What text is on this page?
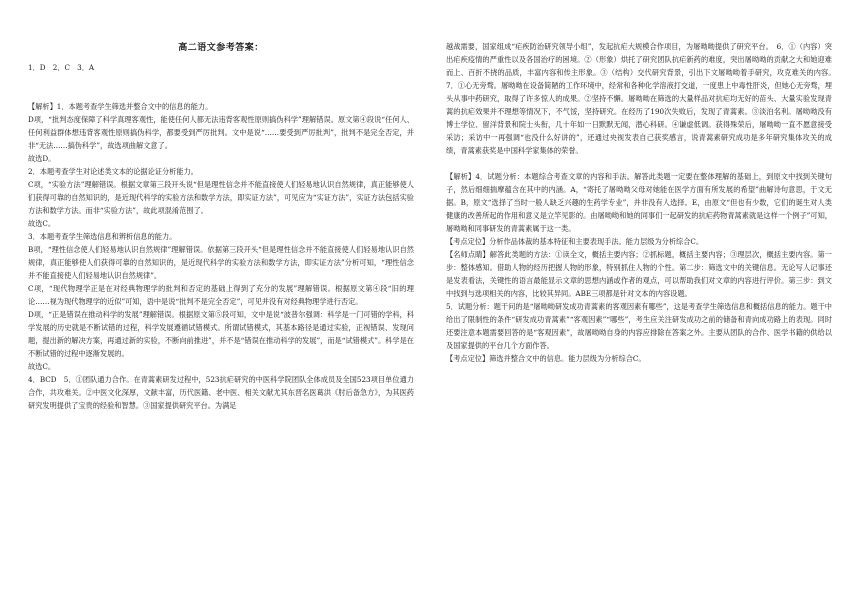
高二语文参考答案：

1．D　2．C　3．A

【解析】1．本题考查学生筛选并整合文中的信息的能力。

D项，“批判态度保障了科学真理客观性，能使任何人都无法违背客观性原则搞伪科学”理解错误。原文第④段说“任何人、任何利益群体想违背客观性原则搞伪科学，都要受到严厉批判。文中是说“……要受到严厉批判”，批判不是完全否定，并非“无法……搞伪科学”，故选项曲解文意了。

故选D。

2．本题考查学生对论述类文本的论据论证分析能力。

C项，“实验方法”理解错误。根据文章第三段开头说“但是理性信念并不能直接使人们轻易地认识自然规律，真正能够使人们获得可靠的自然知识的，是近现代科学的实验方法和数学方法，即实证方法”，可见应为“实证方法”，实证方法包括实验方法和数学方法。而非“实验方法”，故此项混淆范围了。

故选C。

3．本题考查学生筛选信息和辨析信息的能力。

B项，“理性信念使人们轻易地认识自然规律”理解错误。依据第三段开头“但是理性信念并不能直接使人们轻易地认识自然规律，真正能够使人们获得可靠的自然知识的，是近现代科学的实验方法和数学方法，即实证方法”分析可知，“理性信念并不能直接使人们轻易地认识自然规律”。

C项，“现代物理学正是在对经典物理学的批判和否定的基础上得到了充分的发展”理解错误。根据原文第④段“旧的理论……视为现代物理学的近似”可知，语中是说“批判不是完全否定”，可见并没有对经典物理学进行否定。

D项，“正是错误在推动科学的发展”理解错误。根据原文第⑤段可知，文中是说“波普尔强调：科学是一门可错的学科，科学发展的历史就是不断试错的过程，科学发展遵循试错模式。所谓试错模式，其基本路径是通过实验，正视错误、发现问题，提出新的解决方案，再通过新的实验，不断向前推进”，并不是“错误在推动科学的发展”，而是“试错模式”。科学是在不断试错的过程中逐渐发展的。

故选C。

4．BCD　5．①团队通力合作。在青蒿素研发过程中，523抗疟研究的中医科学院团队全体成员及全国523项目单位通力合作，共攻难关。②中医文化深厚，文献丰富，历代医籍、老中医、相关文献尤其东晋名医葛洪《肘后备急方》，为其医药研究发明提供了宝贵的经验和智慧。③国家提供研究平台。为满足

越战需要，国家组成“疟疾防治研究领导小组”，发起抗疟大规模合作项目，为屠呦呦提供了研究平台。　6．①（内容）突出疟疾疫情的严重性以及各国治疗的困境。②（形象）烘托了研究团队抗疟新药的难度，突出屠呦呦的贡献之大和她迎难而上、百折不挠的品质，丰富内容和传主形象。③（结构）交代研究背景，引出下文屠呦呦着手研究，攻克难关的内容。　7．①心无旁骛。屠呦呦在设备简陋的工作环境中，经常和各种化学溶液打交道，一度患上中毒性肝炎，但她心无旁骛，埋头从事中药研究，取得了许多惊人的成果。②坚持不懈。屠呦呦在筛选的大量样品对抗疟均无好的苗头、大量实验发现青蒿的抗疟效果并不理想等情况下，不气馁，坚持研究。在经历了190次失败后，发现了青蒿素。③淡泊名利。屠呦呦没有博士学位、留洋背景和院士头衔，几十年如一日默默无闻，潜心科研。④谦虚低调。获得殊荣后，屠呦呦一直不愿意接受采访；采访中一再强调“也没什么好讲的”，还通过央视发表自己获奖感言，说青蒿素研究成功是多年研究集体攻关的成绩，青蒿素获奖是中国科学家集体的荣誉。

【解析】4．试题分析：本题综合考查文章的内容和手法。解答此类题一定要在整体理解的基础上，到原文中找到关键句子，然后细细揣摩蕴含在其中的内涵。A，“寄托了屠呦呦父母对她能在医学方面有所发展的希望”曲解诗句意思，于文无据。B，原文“选择了当时一般人缺乏兴趣的生药学专业”，并非没有人选择。E，由原文“但也有少数，它们的诞生对人类健康的改善所起的作用和意义是立竿见影的。由屠呦呦和她的同事们一起研发的抗疟药物青蒿素就是这样一个例子”可知，屠呦呦和同事研发的青蒿素属于这一类。

【考点定位】分析作品体裁的基本特征和主要表现手法。能力层级为分析综合C。

【名师点睛】解答此类题的方法：①读全文，概括主要内容；②抓标题，概括主要内容；③理层次，概括主要内容。第一步：整体感知。借助人物的经历把握人物的形象，特别抓住人物的个性。第二步：筛选文中的关键信息。无论写人记事还是发表看法，关键性的语言最能显示文章的思想内涵或作者的观点，可以帮助我们对文章的内容进行评价。第三步：到文中找到与选项相关的内容，比较其异同。ABE三项都是针对文本的内容设题。

5．试题分析：题干问的是“屠呦呦研发成功青蒿素的客观因素有哪些”，这是考查学生筛选信息和概括信息的能力。题干中给出了限制性的条件“研发成功青蒿素”“客观因素”“哪些”，考生应关注研发成功之前的储备和青向成功路上的表现。同时还要注意本题需要回答的是“客观因素”，故屠呦呦自身的内容应排除在答案之外。主要从团队的合作、医学书籍的供给以及国家提供的平台几个方面作答。

【考点定位】筛选并整合文中的信息。能力层级为分析综合C。
